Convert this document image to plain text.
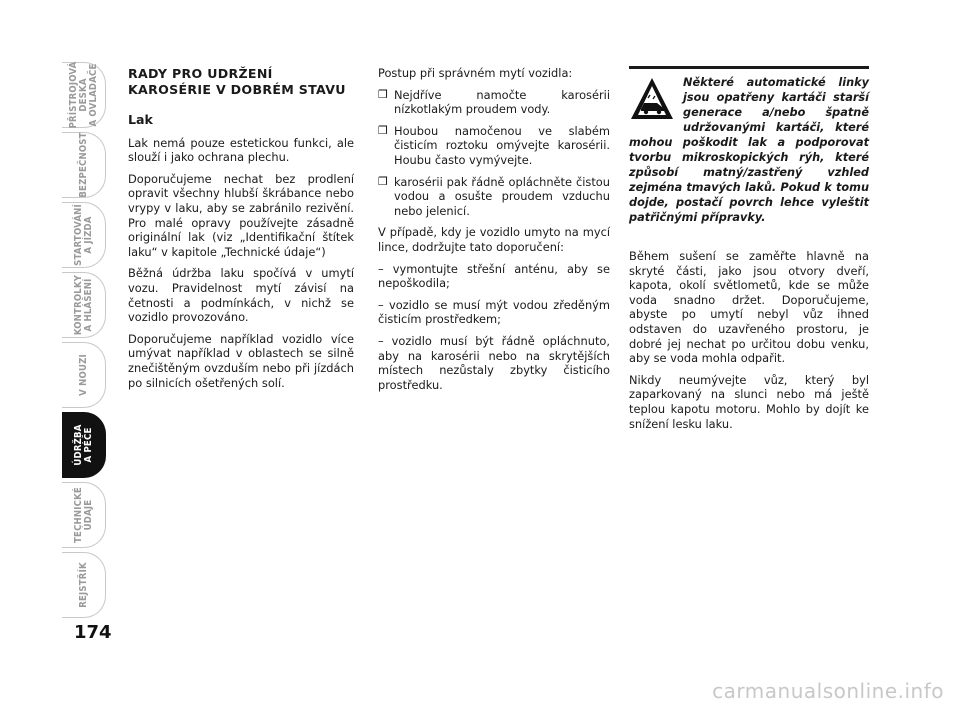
PŘÍSTROJOVÁ
DESKA
A OVLADAČE
BEZPEČNOST
STARTOVÁNÍ
A JÍZDA
KONTROLKY
A HLÁŠENÍ
V NOUZI
ÚDRŽBA
A PÉČE
TECHNICKÉ
ÚDAJE
REJSTŘÍK
174
RADY PRO UDRŽENÍ
KAROSÉRIE V DOBRÉM STAVU
Lak

Lak nemá pouze estetickou funkci, ale slouží i jako ochrana plechu.

Doporučujeme nechat bez prodlení opravit všechny hlubší škrábance nebo vrypy v laku, aby se zabránilo rezivění. Pro malé opravy používejte zásadně originální lak (viz „Identifikační štítek laku“ v kapitole „Technické údaje“)

Běžná údržba laku spočívá v umytí vozu. Pravidelnost mytí závisí na četnosti a podmínkách, v nichž se vozidlo provozováno.

Doporučujeme například vozidlo více umývat například v oblastech se silně znečištěným ovzduším nebo při jízdách po silnicích ošetřených solí.

Postup při správném mytí vozidla:

❒ Nejdříve namočte karosérii nízkotlakým proudem vody.
❒ Houbou namočenou ve slabém čisticím roztoku omývejte karosérii. Houbu často vymývejte.
❒ karosérii pak řádně opláchněte čistou vodou a osušte proudem vzduchu nebo jelenicí.

V případě, kdy je vozidlo umyto na mycí lince, dodržujte tato doporučení:

– vymontujte střešní anténu, aby se nepoškodila;

– vozidlo se musí mýt vodou zředěným čisticím prostředkem;

– vozidlo musí být řádně opláchnuto, aby na karosérii nebo na skrytějších místech nezůstaly zbytky čisticího prostředku.

Některé automatické linky jsou opatřeny kartáči starší generace a/nebo špatně udržovanými kartáči, které mohou poškodit lak a podporovat tvorbu mikroskopických rýh, které způsobí matný/zastřený vzhled zejména tmavých laků. Pokud k tomu dojde, postačí povrch lehce vyleštit patřičnými přípravky.

Během sušení se zaměřte hlavně na skryté části, jako jsou otvory dveří, kapota, okolí světlometů, kde se může voda snadno držet. Doporučujeme, abyste po umytí nebyl vůz ihned odstaven do uzavřeného prostoru, je dobré jej nechat po určitou dobu venku, aby se voda mohla odpařit.

Nikdy neumývejte vůz, který byl zaparkovaný na slunci nebo má ještě teplou kapotu motoru. Mohlo by dojít ke snížení lesku laku.

carmanualsonline.info
